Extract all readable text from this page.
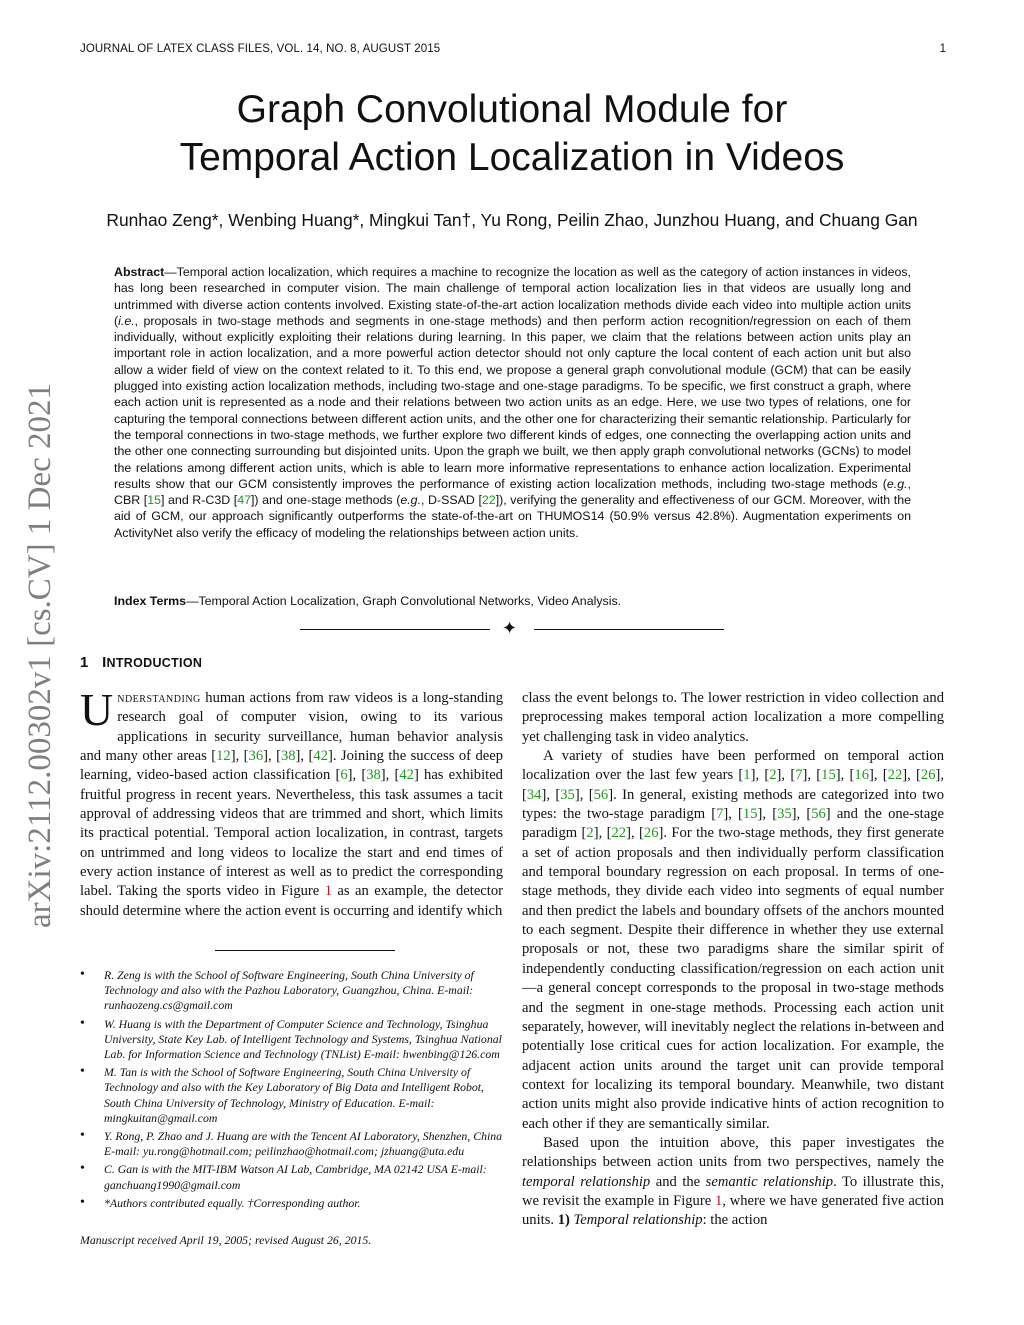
JOURNAL OF LATEX CLASS FILES, VOL. 14, NO. 8, AUGUST 2015	1
arXiv:2112.00302v1 [cs.CV] 1 Dec 2021
Graph Convolutional Module for
Temporal Action Localization in Videos
Runhao Zeng*, Wenbing Huang*, Mingkui Tan†, Yu Rong, Peilin Zhao, Junzhou Huang, and Chuang Gan

Abstract—Temporal action localization, which requires a machine to recognize the location as well as the category of action instances in videos, has long been researched in computer vision. The main challenge of temporal action localization lies in that videos are usually long and untrimmed with diverse action contents involved. Existing state-of-the-art action localization methods divide each video into multiple action units (i.e., proposals in two-stage methods and segments in one-stage methods) and then perform action recognition/regression on each of them individually, without explicitly exploiting their relations during learning. In this paper, we claim that the relations between action units play an important role in action localization, and a more powerful action detector should not only capture the local content of each action unit but also allow a wider field of view on the context related to it. To this end, we propose a general graph convolutional module (GCM) that can be easily plugged into existing action localization methods, including two-stage and one-stage paradigms. To be specific, we first construct a graph, where each action unit is represented as a node and their relations between two action units as an edge. Here, we use two types of relations, one for capturing the temporal connections between different action units, and the other one for characterizing their semantic relationship. Particularly for the temporal connections in two-stage methods, we further explore two different kinds of edges, one connecting the overlapping action units and the other one connecting surrounding but disjointed units. Upon the graph we built, we then apply graph convolutional networks (GCNs) to model the relations among different action units, which is able to learn more informative representations to enhance action localization. Experimental results show that our GCM consistently improves the performance of existing action localization methods, including two-stage methods (e.g., CBR [15] and R-C3D [47]) and one-stage methods (e.g., D-SSAD [22]), verifying the generality and effectiveness of our GCM. Moreover, with the aid of GCM, our approach significantly outperforms the state-of-the-art on THUMOS14 (50.9% versus 42.8%). Augmentation experiments on ActivityNet also verify the efficacy of modeling the relationships between action units.

Index Terms—Temporal Action Localization, Graph Convolutional Networks, Video Analysis.
✦
1 INTRODUCTION

Understanding human actions from raw videos is a long-standing research goal of computer vision, owing to its various applications in security surveillance, human behavior analysis and many other areas [12], [36], [38], [42]. Joining the success of deep learning, video-based action classification [6], [38], [42] has exhibited fruitful progress in recent years. Nevertheless, this task assumes a tacit approval of addressing videos that are trimmed and short, which limits its practical potential. Temporal action localization, in contrast, targets on untrimmed and long videos to localize the start and end times of every action instance of interest as well as to predict the corresponding label. Taking the sports video in Figure 1 as an example, the detector should determine where the action event is occurring and identify which

• R. Zeng is with the School of Software Engineering, South China University of Technology and also with the Pazhou Laboratory, Guangzhou, China. E-mail: runhaozeng.cs@gmail.com
• W. Huang is with the Department of Computer Science and Technology, Tsinghua University, State Key Lab. of Intelligent Technology and Systems, Tsinghua National Lab. for Information Science and Technology (TNList) E-mail: hwenbing@126.com
• M. Tan is with the School of Software Engineering, South China University of Technology and also with the Key Laboratory of Big Data and Intelligent Robot, South China University of Technology, Ministry of Education. E-mail: mingkuitan@gmail.com
• Y. Rong, P. Zhao and J. Huang are with the Tencent AI Laboratory, Shenzhen, China E-mail: yu.rong@hotmail.com; peilinzhao@hotmail.com; jzhuang@uta.edu
• C. Gan is with the MIT-IBM Watson AI Lab, Cambridge, MA 02142 USA E-mail: ganchuang1990@gmail.com
• *Authors contributed equally. †Corresponding author.
Manuscript received April 19, 2005; revised August 26, 2015.

class the event belongs to. The lower restriction in video collection and preprocessing makes temporal action localization a more compelling yet challenging task in video analytics.

A variety of studies have been performed on temporal action localization over the last few years [1], [2], [7], [15], [16], [22], [26], [34], [35], [56]. In general, existing methods are categorized into two types: the two-stage paradigm [7], [15], [35], [56] and the one-stage paradigm [2], [22], [26]. For the two-stage methods, they first generate a set of action proposals and then individually perform classification and temporal boundary regression on each proposal. In terms of one-stage methods, they divide each video into segments of equal number and then predict the labels and boundary offsets of the anchors mounted to each segment. Despite their difference in whether they use external proposals or not, these two paradigms share the similar spirit of independently conducting classification/regression on each action unit—a general concept corresponds to the proposal in two-stage methods and the segment in one-stage methods. Processing each action unit separately, however, will inevitably neglect the relations in-between and potentially lose critical cues for action localization. For example, the adjacent action units around the target unit can provide temporal context for localizing its temporal boundary. Meanwhile, two distant action units might also provide indicative hints of action recognition to each other if they are semantically similar.

Based upon the intuition above, this paper investigates the relationships between action units from two perspectives, namely the temporal relationship and the semantic relationship. To illustrate this, we revisit the example in Figure 1, where we have generated five action units. 1) Temporal relationship: the action
